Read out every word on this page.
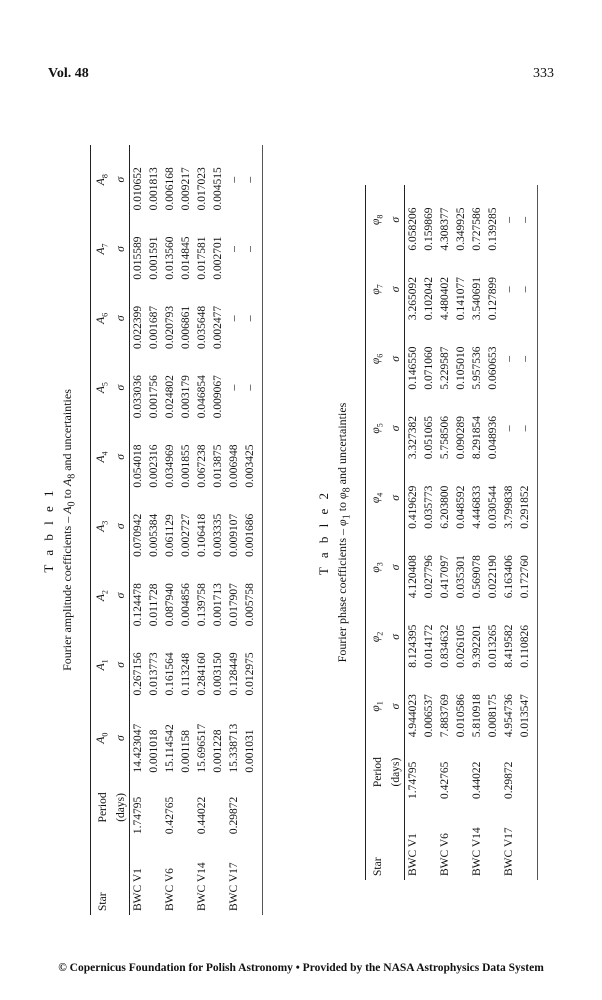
Vol. 48	333
T a b l e 1 Fourier amplitude coefficients – $A_0$ to $A_8$ and uncertainties
Star	Period	$A_0$	$A_1$	$A_2$	$A_3$	$A_4$	$A_5$	$A_6$	$A_7$	$A_8$
	(days)	σ	σ	σ	σ	σ	σ	σ	σ	σ
BWC V1	1.74795	14.423047	0.267156	0.124478	0.070942	0.054018	0.033036	0.022399	0.015589	0.010652
		0.001018	0.013773	0.011728	0.005384	0.002316	0.001756	0.001687	0.001591	0.001813
BWC V6	0.42765	15.114542	0.161564	0.087940	0.061129	0.034969	0.024802	0.020793	0.013560	0.006168
		0.001158	0.113248	0.004856	0.002727	0.001855	0.003179	0.006861	0.014845	0.009217
BWC V14	0.44022	15.696517	0.284160	0.139758	0.106418	0.067238	0.046854	0.035648	0.017581	0.017023
		0.001228	0.003150	0.001713	0.003335	0.013875	0.009067	0.002477	0.002701	0.004515
BWC V17	0.29872	15.338713	0.128449	0.017907	0.009107	0.006948	–	–	–	–
		0.001031	0.012975	0.005758	0.001686	0.003425	–	–	–	–
T a b l e 2 Fourier phase coefficients – $\varphi_1$ to $\varphi_8$ and uncertainties
Star	Period	$\varphi_1$	$\varphi_2$	$\varphi_3$	$\varphi_4$	$\varphi_5$	$\varphi_6$	$\varphi_7$	$\varphi_8$
	(days)	σ	σ	σ	σ	σ	σ	σ	σ
BWC V1	1.74795	4.944023	8.124395	4.120408	0.419629	3.327382	0.146550	3.265092	6.058206
		0.006537	0.014172	0.027796	0.035773	0.051065	0.071060	0.102042	0.159869
BWC V6	0.42765	7.883769	0.834632	0.417097	6.203800	5.758506	5.229587	4.480402	4.308377
		0.010586	0.026105	0.035301	0.048592	0.090289	0.105010	0.141077	0.349925
BWC V14	0.44022	5.810918	9.392201	0.569078	4.446833	8.291854	5.957536	3.540691	0.727586
		0.008175	0.013265	0.022190	0.030544	0.048936	0.060653	0.127899	0.139285
BWC V17	0.29872	4.954736	8.419582	6.163406	3.799838	–	–	–	–
		0.013547	0.110826	0.172760	0.291852	–	–	–	–
© Copernicus Foundation for Polish Astronomy • Provided by the NASA Astrophysics Data System
